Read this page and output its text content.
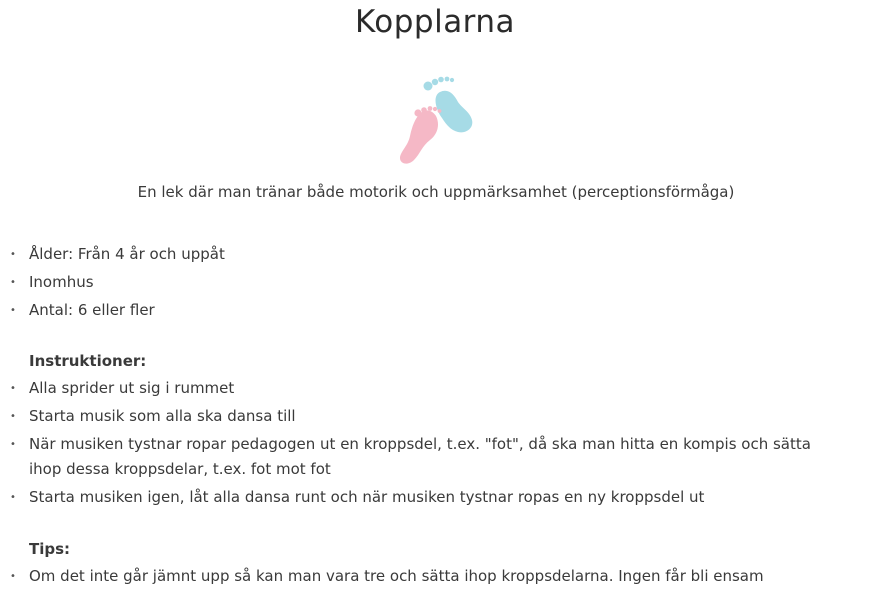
Kopplarna
En lek där man tränar både motorik och uppmärksamhet (perceptionsförmåga)
• Ålder: Från 4 år och uppåt
• Inomhus
• Antal: 6 eller fler
Instruktioner:
• Alla sprider ut sig i rummet
• Starta musik som alla ska dansa till
• När musiken tystnar ropar pedagogen ut en kroppsdel, t.ex. "fot", då ska man hitta en kompis och sätta ihop dessa kroppsdelar, t.ex. fot mot fot
• Starta musiken igen, låt alla dansa runt och när musiken tystnar ropas en ny kroppsdel ut
Tips:
• Om det inte går jämnt upp så kan man vara tre och sätta ihop kroppsdelarna. Ingen får bli ensam
